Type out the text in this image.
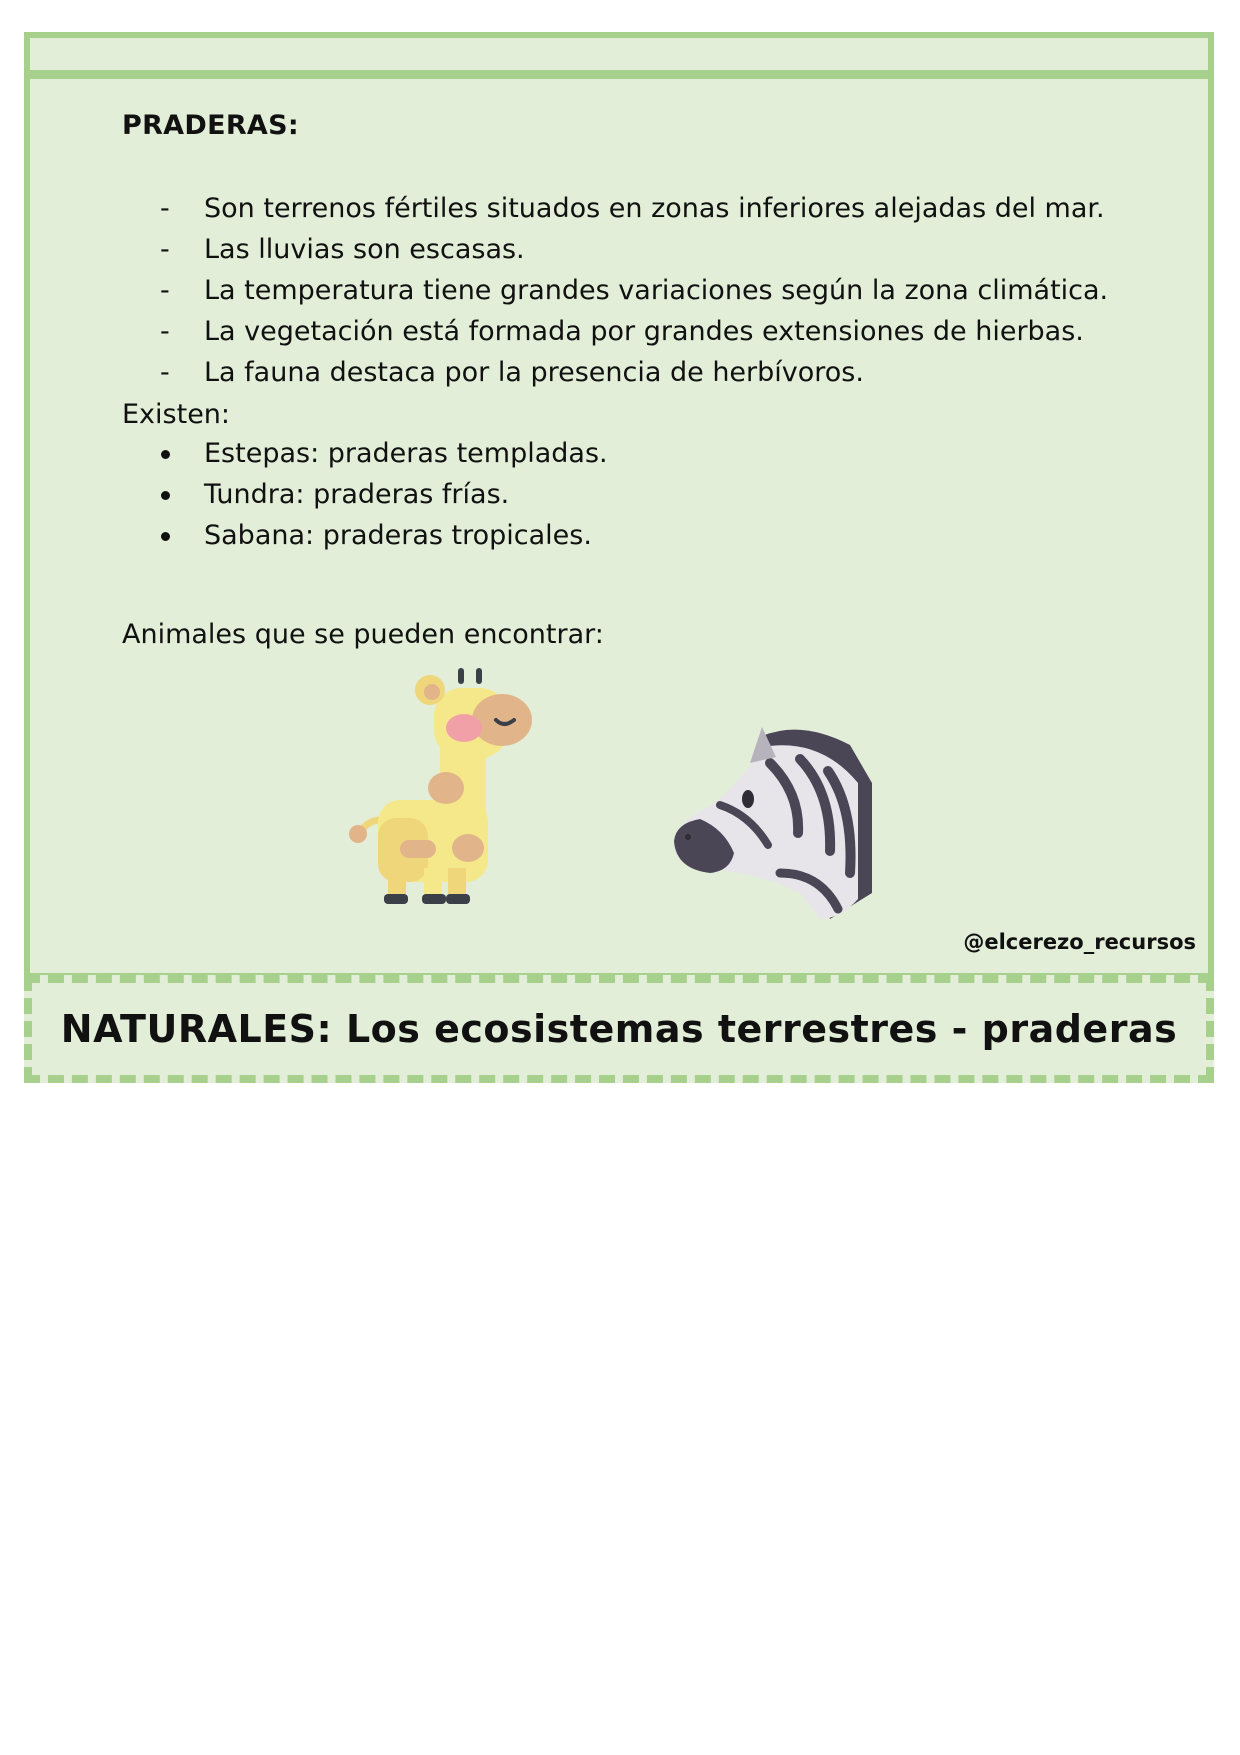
PRADERAS:
- Son terrenos fértiles situados en zonas inferiores alejadas del mar.
- Las lluvias son escasas.
- La temperatura tiene grandes variaciones según la zona climática.
- La vegetación está formada por grandes extensiones de hierbas.
- La fauna destaca por la presencia de herbívoros.

Existen:

Estepas: praderas templadas.
Tundra: praderas frías.
Sabana: praderas tropicales.

Animales que se pueden encontrar:

@elcerezo_recursos
NATURALES: Los ecosistemas terrestres - praderas
